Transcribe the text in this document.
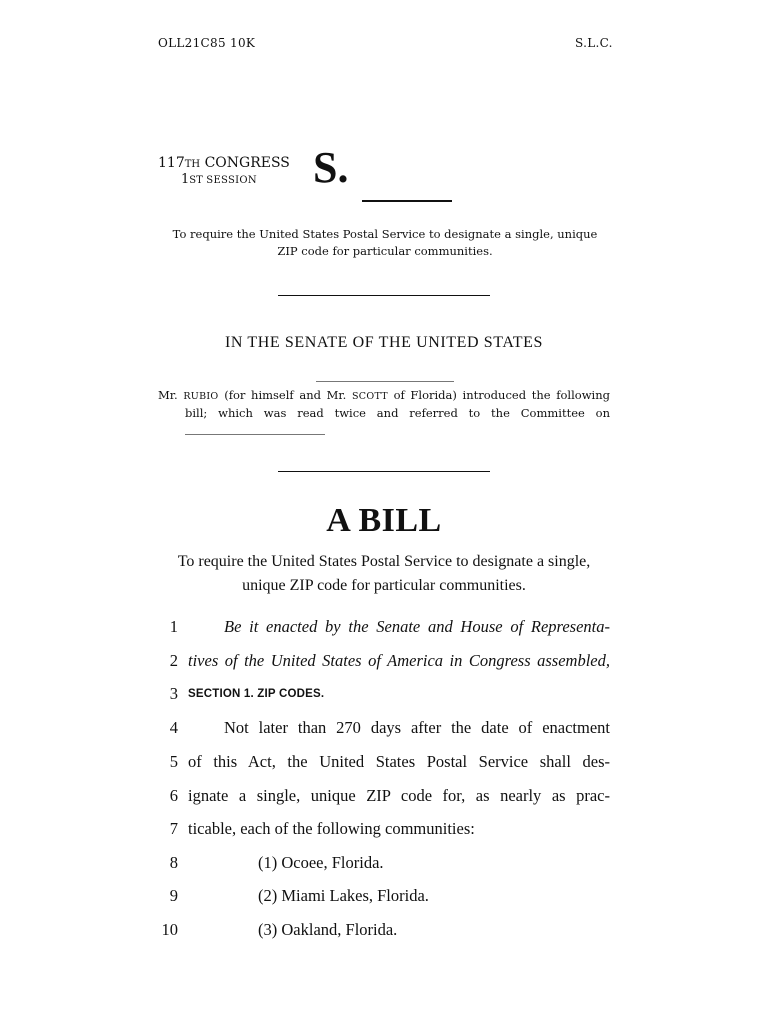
OLL21C85 10K	S.L.C.
117TH CONGRESS
1ST SESSION S.
To require the United States Postal Service to designate a single, unique ZIP code for particular communities.
IN THE SENATE OF THE UNITED STATES
Mr. RUBIO (for himself and Mr. SCOTT of Florida) introduced the following
bill; which was read twice and referred to the Committee on
A BILL
To require the United States Postal Service to designate a single, unique ZIP code for particular communities.
1	Be it enacted by the Senate and House of Representa-
2 tives of the United States of America in Congress assembled,
3 SECTION 1. ZIP CODES.
4	Not later than 270 days after the date of enactment
5 of this Act, the United States Postal Service shall des-
6 ignate a single, unique ZIP code for, as nearly as prac-
7 ticable, each of the following communities:
8	(1) Ocoee, Florida.
9	(2) Miami Lakes, Florida.
10	(3) Oakland, Florida.
